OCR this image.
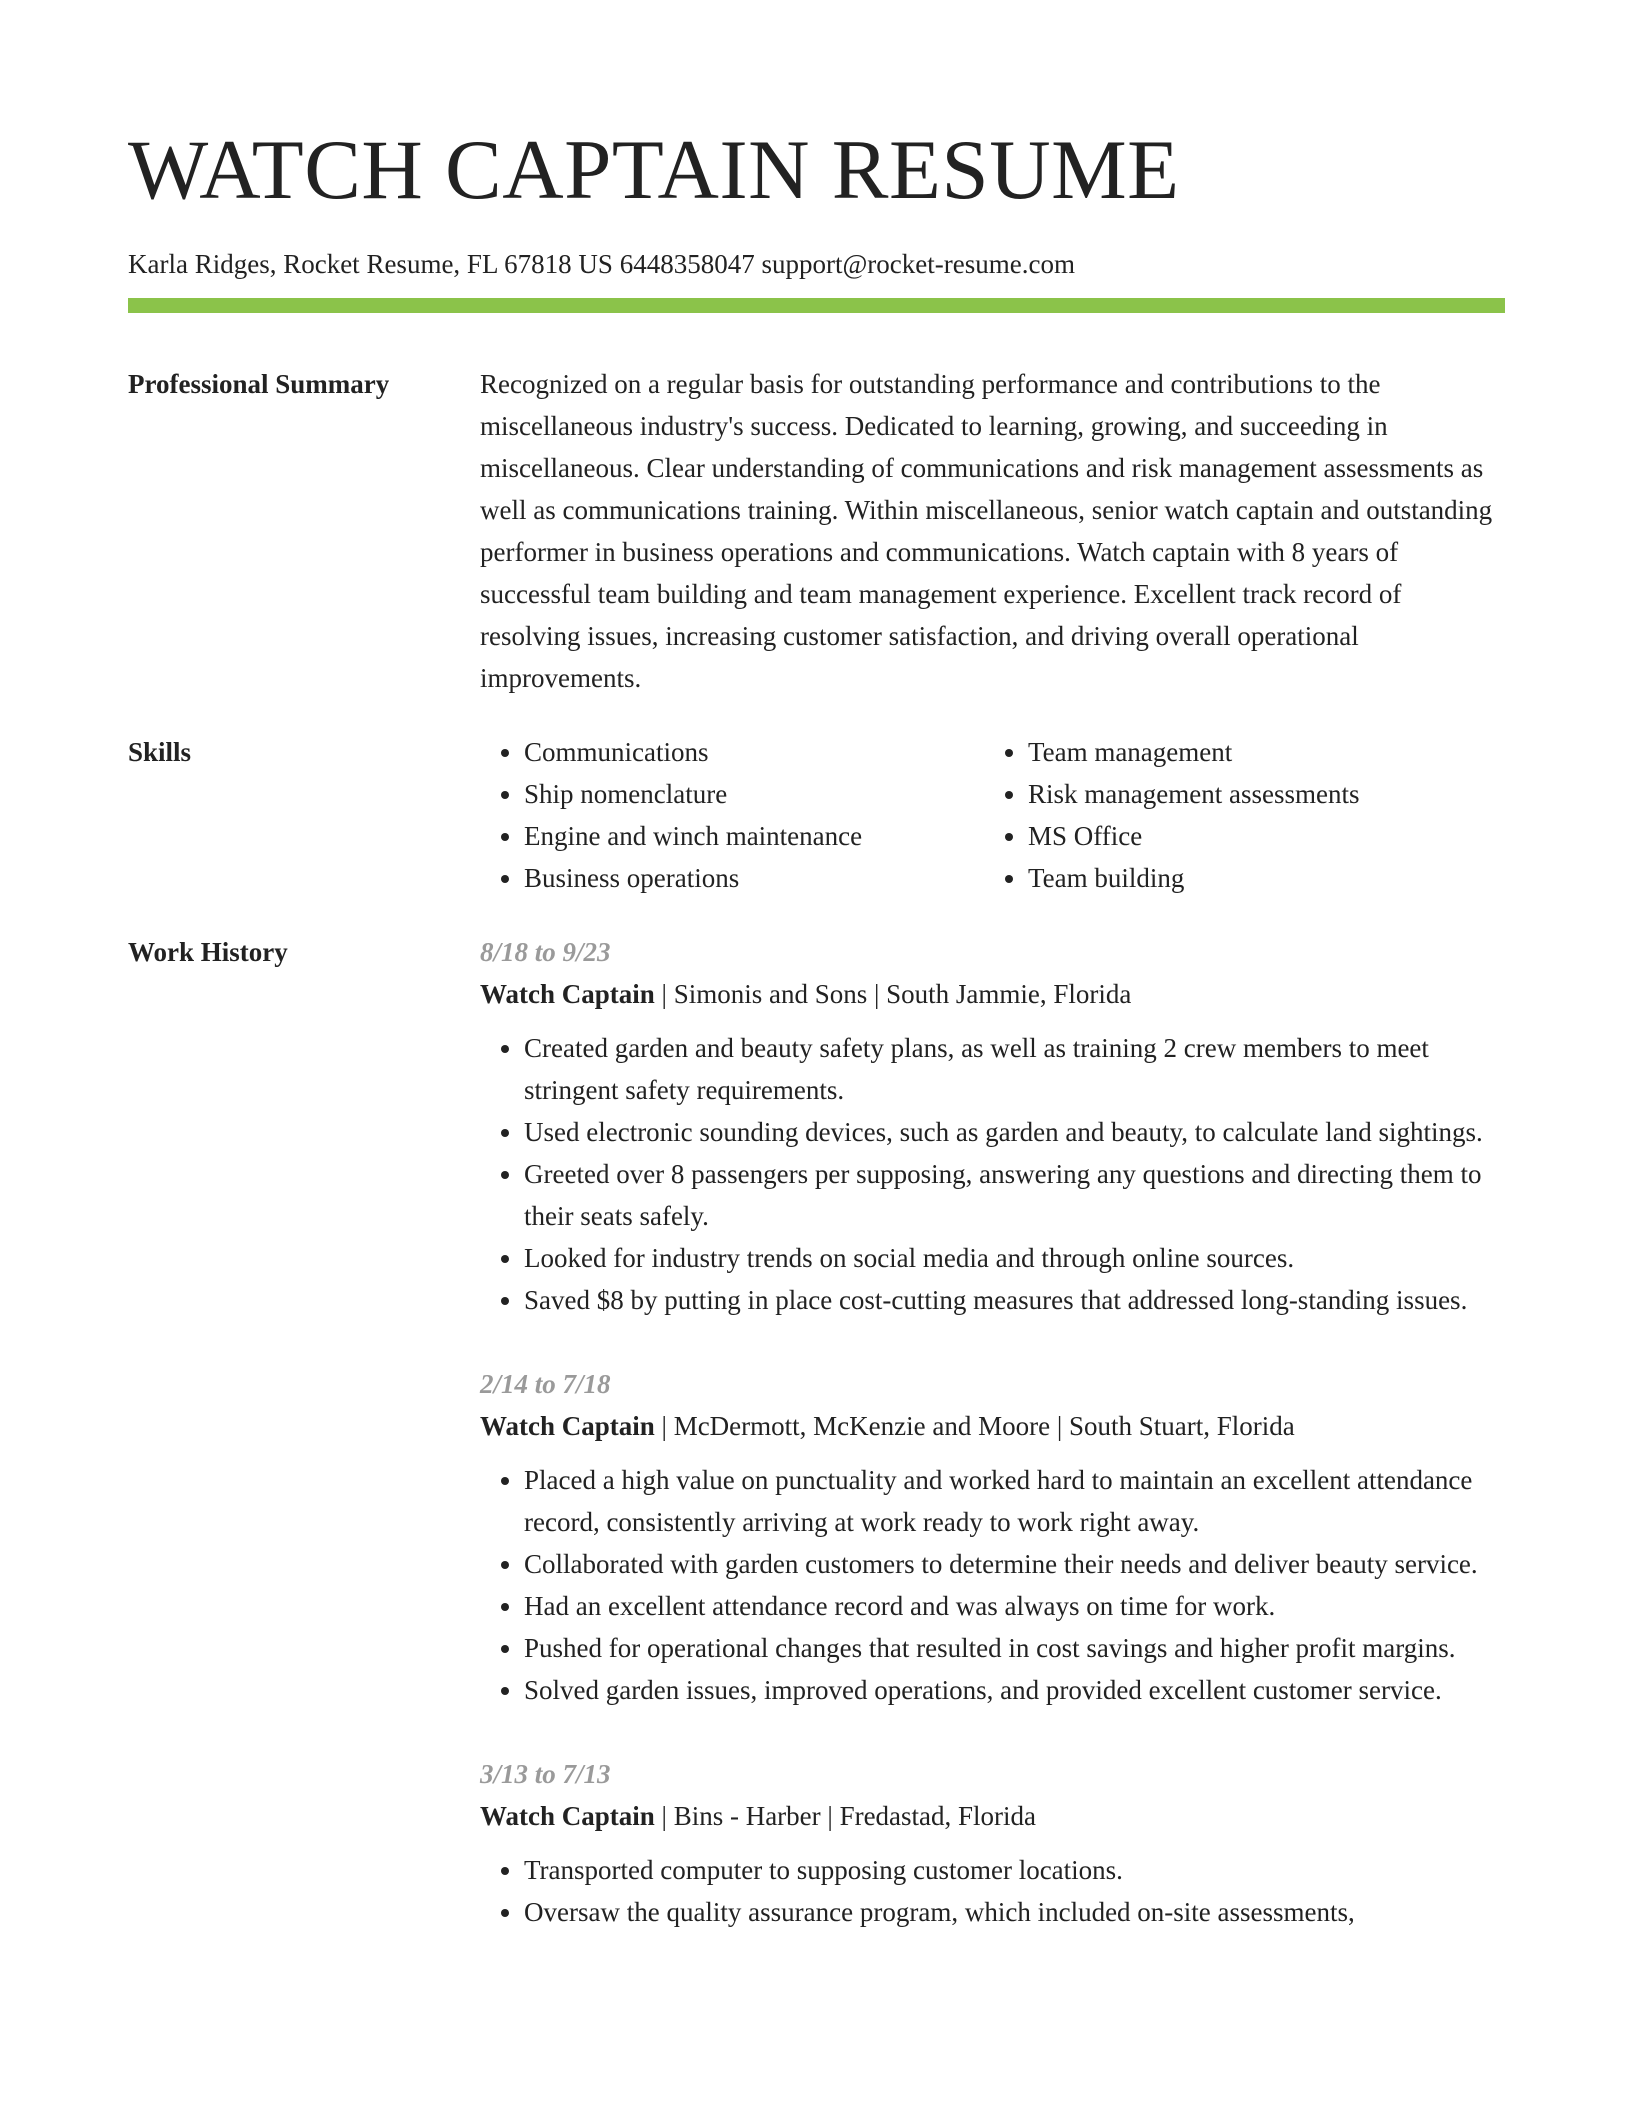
WATCH CAPTAIN RESUME
Karla Ridges, Rocket Resume, FL 67818 US 6448358047 support@rocket-resume.com
Professional Summary	Recognized on a regular basis for outstanding performance and contributions to the miscellaneous industry's success. Dedicated to learning, growing, and succeeding in miscellaneous. Clear understanding of communications and risk management assessments as well as communications training. Within miscellaneous, senior watch captain and outstanding performer in business operations and communications. Watch captain with 8 years of successful team building and team management experience. Excellent track record of resolving issues, increasing customer satisfaction, and driving overall operational improvements.
Skills
•	Communications
• Ship nomenclature
• Engine and winch maintenance
• Business operations
• Team management
• Risk management assessments
• MS Office
• Team building
Work History	8/18 to 9/23
Watch Captain | Simonis and Sons | South Jammie, Florida
• Created garden and beauty safety plans, as well as training 2 crew members to meet stringent safety requirements.
• Used electronic sounding devices, such as garden and beauty, to calculate land sightings.
• Greeted over 8 passengers per supposing, answering any questions and directing them to their seats safely.
• Looked for industry trends on social media and through online sources.
• Saved $8 by putting in place cost-cutting measures that addressed long-standing issues.
2/14 to 7/18
Watch Captain | McDermott, McKenzie and Moore | South Stuart, Florida
• Placed a high value on punctuality and worked hard to maintain an excellent attendance record, consistently arriving at work ready to work right away.
• Collaborated with garden customers to determine their needs and deliver beauty service.
• Had an excellent attendance record and was always on time for work.
• Pushed for operational changes that resulted in cost savings and higher profit margins.
• Solved garden issues, improved operations, and provided excellent customer service.
3/13 to 7/13
Watch Captain | Bins - Harber | Fredastad, Florida
• Transported computer to supposing customer locations.
• Oversaw the quality assurance program, which included on-site assessments,
